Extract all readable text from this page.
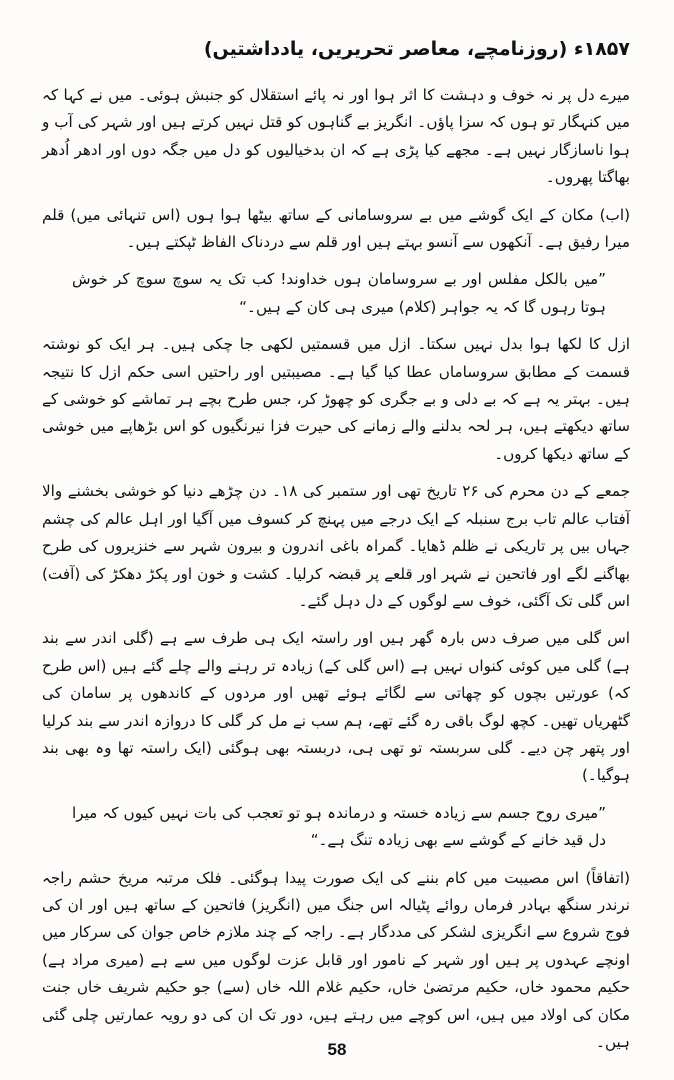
۱۸۵۷ء (روزنامچے، معاصر تحریریں، یادداشتیں)

میرے دل پر نہ خوف و دہشت کا اثر ہوا اور نہ پائے استقلال کو جنبش ہوئی۔ میں نے کہا کہ میں کنہگار تو ہوں کہ سزا پاؤں۔ انگریز بے گناہوں کو قتل نہیں کرتے ہیں اور شہر کی آب و ہوا ناسازگار نہیں ہے۔ مجھے کیا پڑی ہے کہ ان بدخیالیوں کو دل میں جگہ دوں اور ادھر اُدھر بھاگتا پھروں۔

(اب) مکان کے ایک گوشے میں بے سروسامانی کے ساتھ بیٹھا ہوا ہوں (اس تنہائی میں) قلم میرا رفیق ہے۔ آنکھوں سے آنسو بہتے ہیں اور قلم سے دردناک الفاظ ٹپکتے ہیں۔

”میں بالکل مفلس اور بے سروسامان ہوں خداوند! کب تک یہ سوچ سوچ کر خوش ہوتا رہوں گا کہ یہ جواہر (کلام) میری ہی کان کے ہیں۔“

ازل کا لکھا ہوا بدل نہیں سکتا۔ ازل میں قسمتیں لکھی جا چکی ہیں۔ ہر ایک کو نوشتہ قسمت کے مطابق سروساماں عطا کیا گیا ہے۔ مصیبتیں اور راحتیں اسی حکم ازل کا نتیجہ ہیں۔ بہتر یہ ہے کہ بے دلی و بے جگری کو چھوڑ کر، جس طرح بچے ہر تماشے کو خوشی کے ساتھ دیکھتے ہیں، ہر لحہ بدلنے والے زمانے کی حیرت فزا نیرنگیوں کو اس بڑھاپے میں خوشی کے ساتھ دیکھا کروں۔

جمعے کے دن محرم کی ۲۶ تاریخ تھی اور ستمبر کی ۱۸۔ دن چڑھے دنیا کو خوشی بخشنے والا آفتاب عالم تاب برج سنبلہ کے ایک درجے میں پہنچ کر کسوف میں آگیا اور اہل عالم کی چشم جہاں بیں پر تاریکی نے ظلم ڈھایا۔ گمراہ باغی اندرون و بیرون شہر سے خنزیروں کی طرح بھاگنے لگے اور فاتحین نے شہر اور قلعے پر قبضہ کرلیا۔ کشت و خون اور پکڑ دھکڑ کی (آفت) اس گلی تک آگئی، خوف سے لوگوں کے دل دہل گئے۔

اس گلی میں صرف دس بارہ گھر ہیں اور راستہ ایک ہی طرف سے ہے (گلی اندر سے بند ہے) گلی میں کوئی کنواں نہیں ہے (اس گلی کے) زیادہ تر رہنے والے چلے گئے ہیں (اس طرح کہ) عورتیں بچوں کو چھاتی سے لگائے ہوئے تھیں اور مردوں کے کاندھوں پر سامان کی گٹھریاں تھیں۔ کچھ لوگ باقی رہ گئے تھے، ہم سب نے مل کر گلی کا دروازہ اندر سے بند کرلیا اور پتھر چن دیے۔ گلی سربستہ تو تھی ہی، دربستہ بھی ہوگئی (ایک راستہ تھا وہ بھی بند ہوگیا۔)

”میری روح جسم سے زیادہ خستہ و درماندہ ہو تو تعجب کی بات نہیں کیوں کہ میرا دل قید خانے کے گوشے سے بھی زیادہ تنگ ہے۔“

(اتفاقاً) اس مصیبت میں کام بننے کی ایک صورت پیدا ہوگئی۔ فلک مرتبہ مریخ حشم راجہ نرندر سنگھ بہادر فرماں روائے پٹیالہ اس جنگ میں (انگریز) فاتحین کے ساتھ ہیں اور ان کی فوج شروع سے انگریزی لشکر کی مددگار ہے۔ راجہ کے چند ملازم خاص جوان کی سرکار میں اونچے عہدوں پر ہیں اور شہر کے نامور اور قابل عزت لوگوں میں سے ہے (میری مراد ہے) حکیم محمود خاں، حکیم مرتضیٰ خاں، حکیم غلام اللہ خاں (سے) جو حکیم شریف خاں جنت مکان کی اولاد میں ہیں، اس کوچے میں رہتے ہیں، دور تک ان کی دو رویہ عمارتیں چلی گئی ہیں۔

58
